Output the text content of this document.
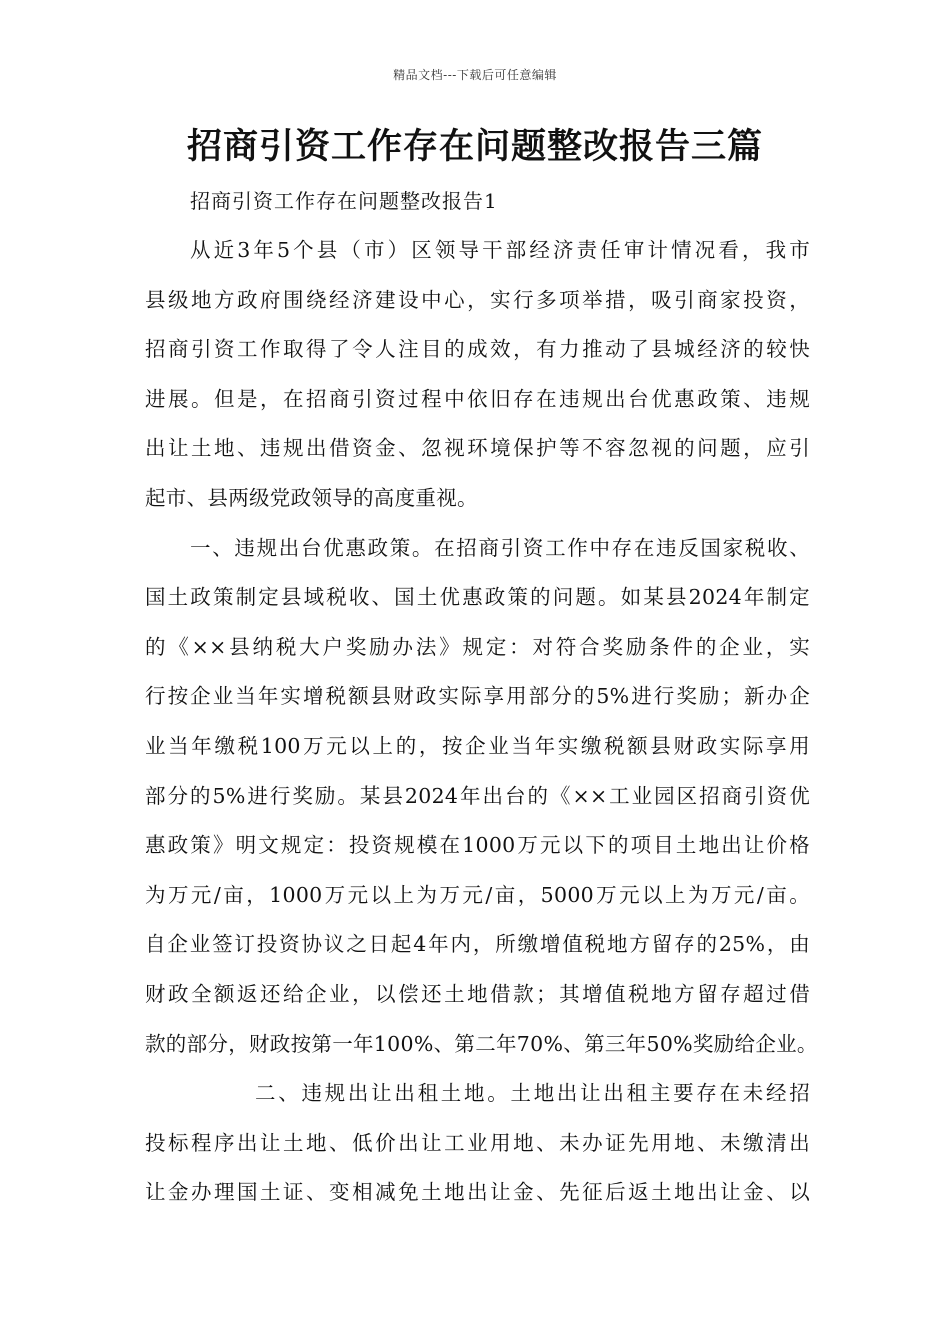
精品文档---下载后可任意编辑
招商引资工作存在问题整改报告三篇

招商引资工作存在问题整改报告1

从近3年5个县（市）区领导干部经济责任审计情况看，我市
县级地方政府围绕经济建设中心，实行多项举措，吸引商家投资，
招商引资工作取得了令人注目的成效，有力推动了县城经济的较快
进展。但是，在招商引资过程中依旧存在违规出台优惠政策、违规
出让土地、违规出借资金、忽视环境保护等不容忽视的问题，应引
起市、县两级党政领导的高度重视。
一、违规出台优惠政策。在招商引资工作中存在违反国家税收、
国土政策制定县域税收、国土优惠政策的问题。如某县2024年制定
的《××县纳税大户奖励办法》规定：对符合奖励条件的企业，实
行按企业当年实增税额县财政实际享用部分的5%进行奖励；新办企
业当年缴税100万元以上的，按企业当年实缴税额县财政实际享用
部分的5%进行奖励。某县2024年出台的《××工业园区招商引资优
惠政策》明文规定：投资规模在1000万元以下的项目土地出让价格
为万元/亩，1000万元以上为万元/亩，5000万元以上为万元/亩。
自企业签订投资协议之日起4年内，所缴增值税地方留存的25%，由
财政全额返还给企业，以偿还土地借款；其增值税地方留存超过借
款的部分，财政按第一年100%、第二年70%、第三年50%奖励给企业。
二、违规出让出租土地。土地出让出租主要存在未经招
投标程序出让土地、低价出让工业用地、未办证先用地、未缴清出
让金办理国土证、变相减免土地出让金、先征后返土地出让金、以
